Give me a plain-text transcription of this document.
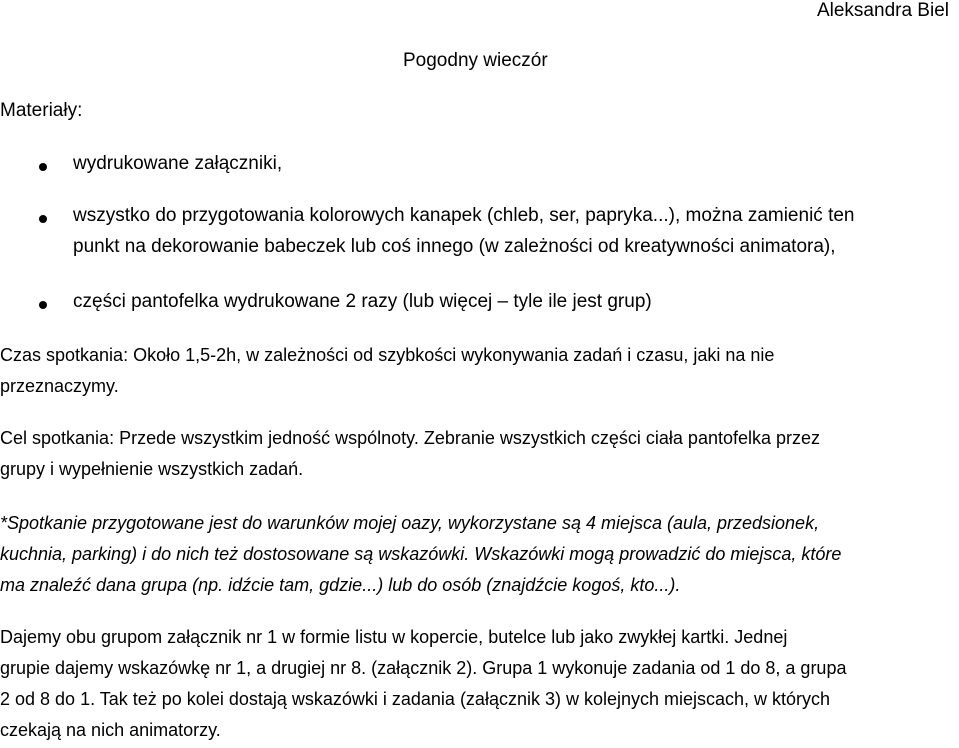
Aleksandra Biel
Pogodny wieczór
Materiały:
wydrukowane załączniki,
wszystko do przygotowania kolorowych kanapek (chleb, ser, papryka...), można zamienić ten
punkt na dekorowanie babeczek lub coś innego (w zależności od kreatywności animatora),
części pantofelka wydrukowane 2 razy (lub więcej – tyle ile jest grup)
Czas spotkania: Około 1,5-2h, w zależności od szybkości wykonywania zadań i czasu, jaki na nie
przeznaczymy.
Cel spotkania: Przede wszystkim jedność wspólnoty. Zebranie wszystkich części ciała pantofelka przez
grupy i wypełnienie wszystkich zadań.
*Spotkanie przygotowane jest do warunków mojej oazy, wykorzystane są 4 miejsca (aula, przedsionek,
kuchnia, parking) i do nich też dostosowane są wskazówki. Wskazówki mogą prowadzić do miejsca, które
ma znaleźć dana grupa (np. idźcie tam, gdzie...) lub do osób (znajdźcie kogoś, kto...).
Dajemy obu grupom załącznik nr 1 w formie listu w kopercie, butelce lub jako zwykłej kartki. Jednej
grupie dajemy wskazówkę nr 1, a drugiej nr 8. (załącznik 2). Grupa 1 wykonuje zadania od 1 do 8, a grupa
2 od 8 do 1. Tak też po kolei dostają wskazówki i zadania (załącznik 3) w kolejnych miejscach, w których
czekają na nich animatorzy.
